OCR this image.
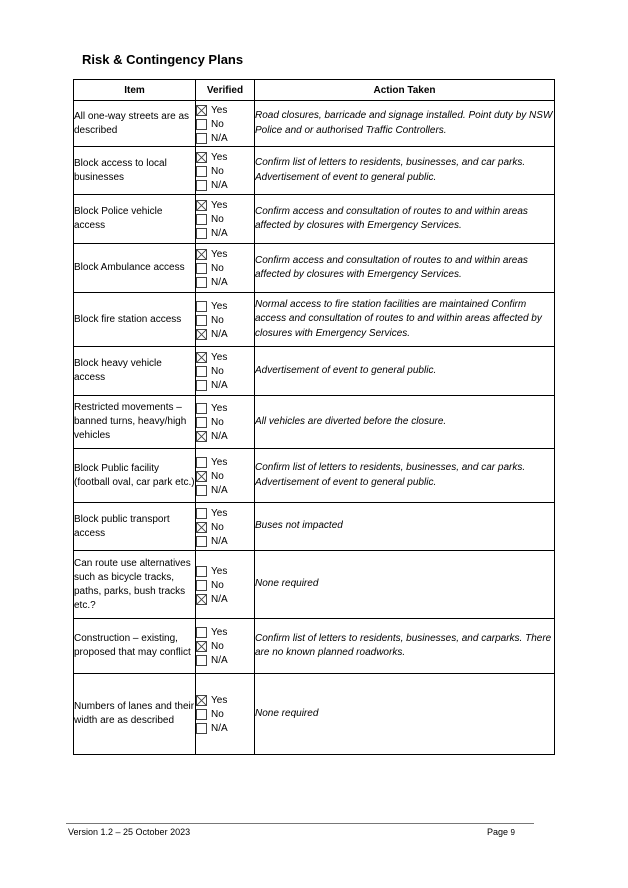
Risk & Contingency Plans
Item	Verified	Action Taken
All one-way streets are as described	Yes
No
N/A	Road closures, barricade and signage installed. Point duty by NSW Police and or authorised Traffic Controllers.
Block access to local businesses	Yes
No
N/A	Confirm list of letters to residents, businesses, and car parks. Advertisement of event to general public.
Block Police vehicle access	Yes
No
N/A	Confirm access and consultation of routes to and within areas affected by closures with Emergency Services.
Block Ambulance access	Yes
No
N/A	Confirm access and consultation of routes to and within areas affected by closures with Emergency Services.
Block fire station access	Yes
No
N/A	Normal access to fire station facilities are maintained Confirm access and consultation of routes to and within areas affected by closures with Emergency Services.
Block heavy vehicle access	Yes
No
N/A	Advertisement of event to general public.
Restricted movements – banned turns, heavy/high vehicles	Yes
No
N/A	All vehicles are diverted before the closure.
Block Public facility (football oval, car park etc.)	Yes
No
N/A	Confirm list of letters to residents, businesses, and car parks. Advertisement of event to general public.
Block public transport access	Yes
No
N/A	Buses not impacted
Can route use alternatives such as bicycle tracks, paths, parks, bush tracks etc.?	Yes
No
N/A	None required
Construction – existing, proposed that may conflict	Yes
No
N/A	Confirm list of letters to residents, businesses, and carparks. There are no known planned roadworks.
Numbers of lanes and their width are as described	Yes
No
N/A	None required
Version 1.2 – 25 October 2023	Page 9
